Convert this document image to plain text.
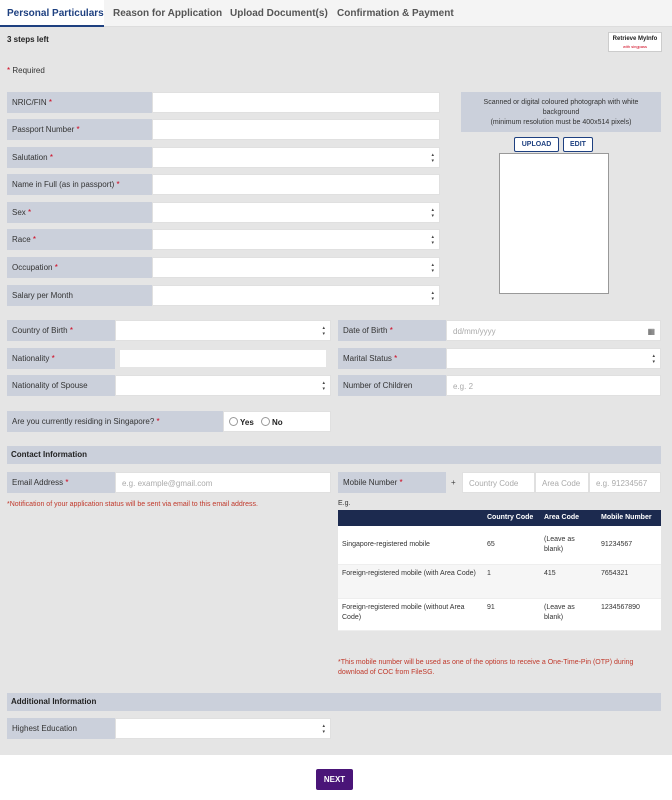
Personal Particulars Reason for Application Upload Document(s) Confirmation & Payment
3 steps left	Retrieve MyInfo
with singpass
* Required
NRIC/FIN *
Passport Number *
Salutation *
▴ ▾
Name in Full (as in passport) *
Sex *
▴ ▾
Race *
▴ ▾
Occupation *
▴ ▾
Salary per Month
▴ ▾
Scanned or digital coloured photograph with white background
(minimum resolution must be 400x514 pixels)
UPLOAD	EDIT
Country of Birth * ▴ ▾	Date of Birth *	dd/mm/yyyy	▦
Nationality *	Marital Status *
▴ ▾
Nationality of Spouse ▴ ▾	Number of Children	e.g. 2
Are you currently residing in Singapore? *	Yes No
Contact Information
Email Address *	e.g. example@gmail.com	Mobile Number *	+	Country Code	Area Code	e.g. 91234567
*Notification of your application status will be sent via email to this email address.	E.g.
	Country Code	Area Code	Mobile Number
Singapore-registered mobile	65	(Leave as blank)	91234567
Foreign-registered mobile (with Area Code)	1	415	7654321
Foreign-registered mobile (without Area Code)	91	(Leave as blank)	1234567890
*This mobile number will be used as one of the options to receive a One-Time-Pin (OTP) during download of COC from FileSG.
Additional Information
Highest Education
▴ ▾
NEXT
